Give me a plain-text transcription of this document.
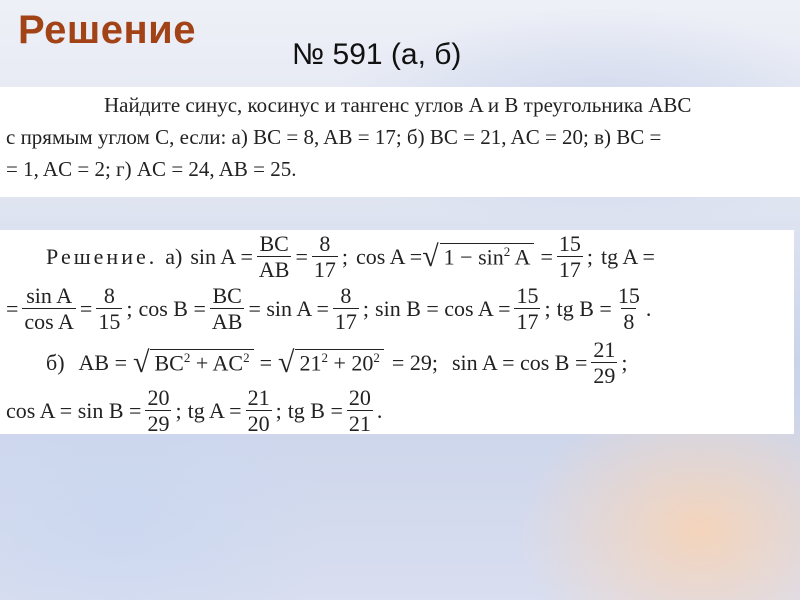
Решение
№ 591 (а, б)
Найдите синус, косинус и тангенс углов A и B треугольника ABC
с прямым углом C, если: а) BC = 8, AB = 17; б) BC = 21, AC = 20; в) BC =
= 1, AC = 2; г) AC = 24, AB = 25.
Решение. а) $\sin A = \frac{BC}{AB} = \frac{8}{17}$ ; cos A = √ $1 - \sin^2 A = \frac{15}{17}$ ; tg A =
= $\frac{\text{sin A}}{\text{cos A}} = \frac{8}{15}$ ; $\cos B = \frac{BC}{AB} = \sin A = \frac{8}{17}$ ; $\sin B = \cos A = \frac{15}{17}$ ; tg $B = \frac{15}{8}$ .
б) AB = √ $BC^2 + AC^2$ = √ $21^2 + 20^2 = 29$; $\sin A = \cos B = \frac{21}{29}$ ;
$\cos A = \sin B = \frac{20}{29}$ ; tg $A = \frac{21}{20}$ ; tg $B = \frac{20}{21}$ .
